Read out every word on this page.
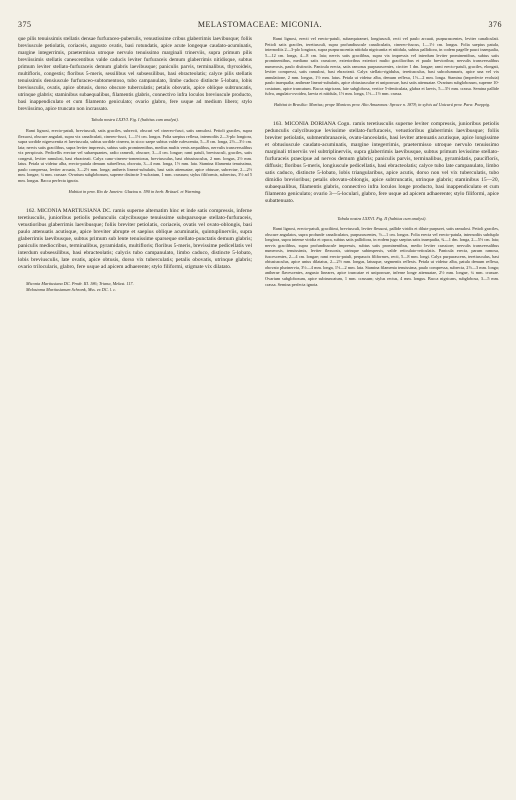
375	MELASTOMACEAE: MICONIA.	376

que pilis tenuissimis stellatis densae furfuraceo-puberulis, venustissime cribus glaberrimis laevibusque; foliis breviuscule petiolatis, coriaceis, angusto ovatis, basi rotundatis, apice acute longeque caudato-acuminatis, margine integerrimis, praetermissa utroque nervulo tenuissimo marginali trinerviis, supra primum pilis breviissimis stellatis canescentibus valde caducis leviter furfuraceis demum glaberrimis nitidisque, subtus primum leviter stellato-furfuraceis demum glabris laevibusque; paniculis parvis, terminalibus, thyrsoideis, multifloris, congestis; floribus 5-meris, sessilibus vel subsessilibus, basi ebracteolatis; calyce pilis stellatis tenuissimis densiuscule furfuraceo-subtomentoso, tubo campanulato, limbe caduco distincte 5-lobato, lobis breviusculis, ovatis, apice obtusis, dorso obscure tuberculatis; petalis obovatis, apice oblique subtruncatis, utrinque glabris; staminibus subaequalibus, filamentis glabris, connectivo infra loculos breviuscule producto, basi inappendiculato et cum filamento geniculato; ovario glabro, fere usque ad medium libero; stylo breviissimo, apice truncato non incrassato.

Tabula nostra LXXVI. Fig. I (habitus cum analysi).

Rami lignosi, erecto-patuli, breviusculi, satis graciles, subrecti, obscuri vel cinereo-fusci, satis ramulosi. Petioli graciles, supra flexuosi, obscure angulati, supra vix canaliculati, cinereo-fusci, 1—1½ cm. longos. Folia saepius reflexa, internodiis 2—3-plo longiora, supra sordide nigrescentia et laeviuscula, subtus sordide cinerea, in sicco saepe subtus valde rufescentia, 5—8 cm. longa, 2½—3½ cm. lata; nervis satis gracilibus, supra leviter impressis, subtus satis prominentibus, medius multis venis aequalibus, nervulis transversalibus vix perspicuis. Pedicellis erectae vel subaequantes, radio rameoli, obscure, 3—4 cm. longae; rami patuli, breviusculi, graciles, satis congesti, leviter ramulosi, basi ebracteati. Calyx cano-cinereo-tomentosus, breviusculus, basi obtusiusculus, 2 mm. longus, 2½ mm. latus. Petala ut videtur alba, erecto-patula demum subreflexa, obovata, 3—4 mm. longa, 1½ mm. lata. Stamina filamenta tenuissima, paulo compressa, leviter arcuata, 3—2½ mm. longa; antheris lineari-subulatis, basi satis attenuatae, apice obtusae, subrectae, 2—2½ mm. longae, ¼ mm. crassae. Ovarium subglobosum, superne distincte 3-sulcatum, 1 mm. crassum; stylus filiformis, subrectus, 3½ ad 5 mm. longus. Bacca perfecta ignota.

Habitat in prov. Rio de Janeiro: Glaziou n. 590 in herb. Brüssel. et Warming.

162. MICONIA MARTIUSIANA DC. ramis superne alternatim hinc et inde satis compressis, inferne teretiusculis, junioribus petiolis pedunculis calycibusque tenuissime subsparsoque stellato-furfuraceis, vetustioribus glaberrimis laevibusque; foliis breviter petiolatis, coriaceis, ovatis vel ovato-oblongis, basi paulo attenuatis acutisque, apice breviter abrupte et saepius oblique acuminatis, quintuplinerviis, supra glaberrimis laevibusque, subtus primum sub lente tenuissime sparseque stellato-punctatis demum glabris; paniculis mediocribus, terminalibus, pyramidatis, multifloris; floribus 5-meris, brevissime pedicellatis vel interdum subsessilibus, basi ebracteolatis; calycis tubo campanulato, limbo caduco, distincte 5-lobato, lobis breviusculis, late ovatis, apice obtusis, dorso vix tuberculatis; petalis obovatis, utrinque glabris; ovario trilocularis, glabro, fere usque ad apicem adhaerente; stylo filiformi, stigmate vix dilatato.

Miconia Martiusiana DC. Prodr. III. 186; Triana, Melast. 117.

Melastoma Martiusianum Schrank, Mss. ex DC. l. c.

Rami lignosi, erecti vel erecto-patuli, subaequiramei, longiusculi, recti vel paulo arcuati, purpurascentes, leviter canaliculati. Petioli satis graciles, teretiusculi, supra profundiuscule canaliculatis, cinereo-fuscus, 1—1½ cm. longus. Folia saepius patula, internodiis 2—3-plo longiora, supra purpurascentia nitidula nigricantia et nitidula, subtus pallidiora, in codem pagelle pauci inaequalia, 5—12 cm. longa, 4—8 cm. lata; nervis satis gracilibus, supra vix impressis vel interdum leviter prominentibus, subtus satis prominentibus, mediano satis crassiore, exterioribus exteriori multo gracilioribus et paulo brevioribus; nervulis transversalibus numerosis, paulo distinctis. Panicula erecta, satis ramosus purpurascentes, circiter 1 dm. longae; rami erecto-patuli, graciles, elongati, leviter compressi, satis ramulosi, basi ebracteati. Calyx stellato-rigidulus, teretiusculus, basi subcolumnaris, apice una vel vix annulatione, 2 mm. longus, 1½ mm. latus. Petala ut videtur alba, demum reflexa, 1½—2 mm. longa. Stamina (imperfecte evoluta) paulo inaequalia; antherae lineari-subulatis, apice obtusiusculae et uniporosae, basi satis attenuatae. Ovarium subglobosum, superne 10-costatum, apice truncatum. Bacca nigricans, late subglobosa, vertice 5-denticulata, glabra et laevis, 5—3½ mm. crassa. Semina pallide fulva, angulato-ovoidea, laevia et nitidula, 1½ mm. longa, 1½—1½ mm. crassa.

Habitat in Brasilia: Martius; prope Manicos prov. Alto Amazonas: Spruce n. 1878; in sylvis ad Uaicurú prov. Para: Poeppig.

163. MICONIA DORIANA Cogn. ramis teretiusculis superne leviter compressis, junioribus petiolis pedunculis calycibusque levissime stellato-furfuraceis, vetustioribus glaberrimis laevibusque; foliis breviter petiolatis, submembranaceis, ovato-lanceolatis, basi leviter attenuatis acutisque, apice longissime et obtusiuscule caudato-acuminatis, margine integerrimis, praetermisso utroque nervulo tenuissimo marginali trinerviis vel subtriplinerviis, supra glaberrimis laevibusque, subtus primum levissime stellato-furfuraceis praecipue ad nervos demum glabris; paniculis parvis, terminalibus, pyramidatis, pauciflorís, diffusis; floribus 5-meris, longiuscule pedicellatis, basi ebracteolatis; calyce tubo late campanulato, limbo satis caduco, distincte 5-lobato, lobis triangularibus, apice acutis, dorso non vel vix tuberculatis, tubo dimidio brevioribus; petalis obovato-oblongis, apice subtruncatis, utrinque glabris; staminibus 15—20, subaequalibus, filamentis glabris, connectivo infra loculos longe producto, basi inappendiculato et cum filamento geniculato; ovario 3—5-loculari, glabro, fere usque ad apicem adhaerente; stylo filiformi, apice subattenuato.

Tabula nostra LXXVI. Fig. II (habitus cum analysi).

Rami lignosi, erecto-patuli, graciliimi, breviusculi, leviter flexuosi, pallide viridis et dilute purpurei, satis ramulosi. Petioli graciles, obscure angulatos, supra profunde canaliculatos, purpurascentes, ½—1 cm. longos. Folia erecta vel erecto-patula, internodiis subduplo longiora, supra intense viridia et opaca, subtus satis pallidiora, in eodem jugo saepius satis inaequalia, ¾—1 dm. longa, 2—5½ cm. lata; nervis gracilibus, supra profundiuscule impressis, subtus satis prominentibus, medio leviter crassiore; nervulis transversalibus numerosis, tenuissimis, leviter flexuosis, utrinque subinspersis, valde reticulato-reticulatis. Panicula erecta, parum ramosa, fuscescentes, 2—4 cm. longae; rami erecto-patuli, perpaucis filiformes, recti, 5—8 mm. longi. Calyx purpurascens, teretiusculus, basi obtusiusculus, apice unius dilatatus, 2—2½ mm. longus, latusque, segmentis reflexis. Petala ut videtur alba, patula demum reflexa, obovato plurinervia, 3½—4 mm. longa, 1½—2 mm. lata. Stamina filamenta tenuissima, paulo compressa, subrecta, 2½—3 mm. longa; antherae flavescentes, angusto lineares, apice truncatae et uniporosae, inferne longe attenuatae, 2½ mm. longae, ¼ mm. crassae. Ovarium subglobosum, apice subtruncatum, 1 mm. crassum; stylus rectus, 4 mm. longus. Bacca nigricans, subglobosa, 3—5 mm. crassa. Semina perfecta ignota.
